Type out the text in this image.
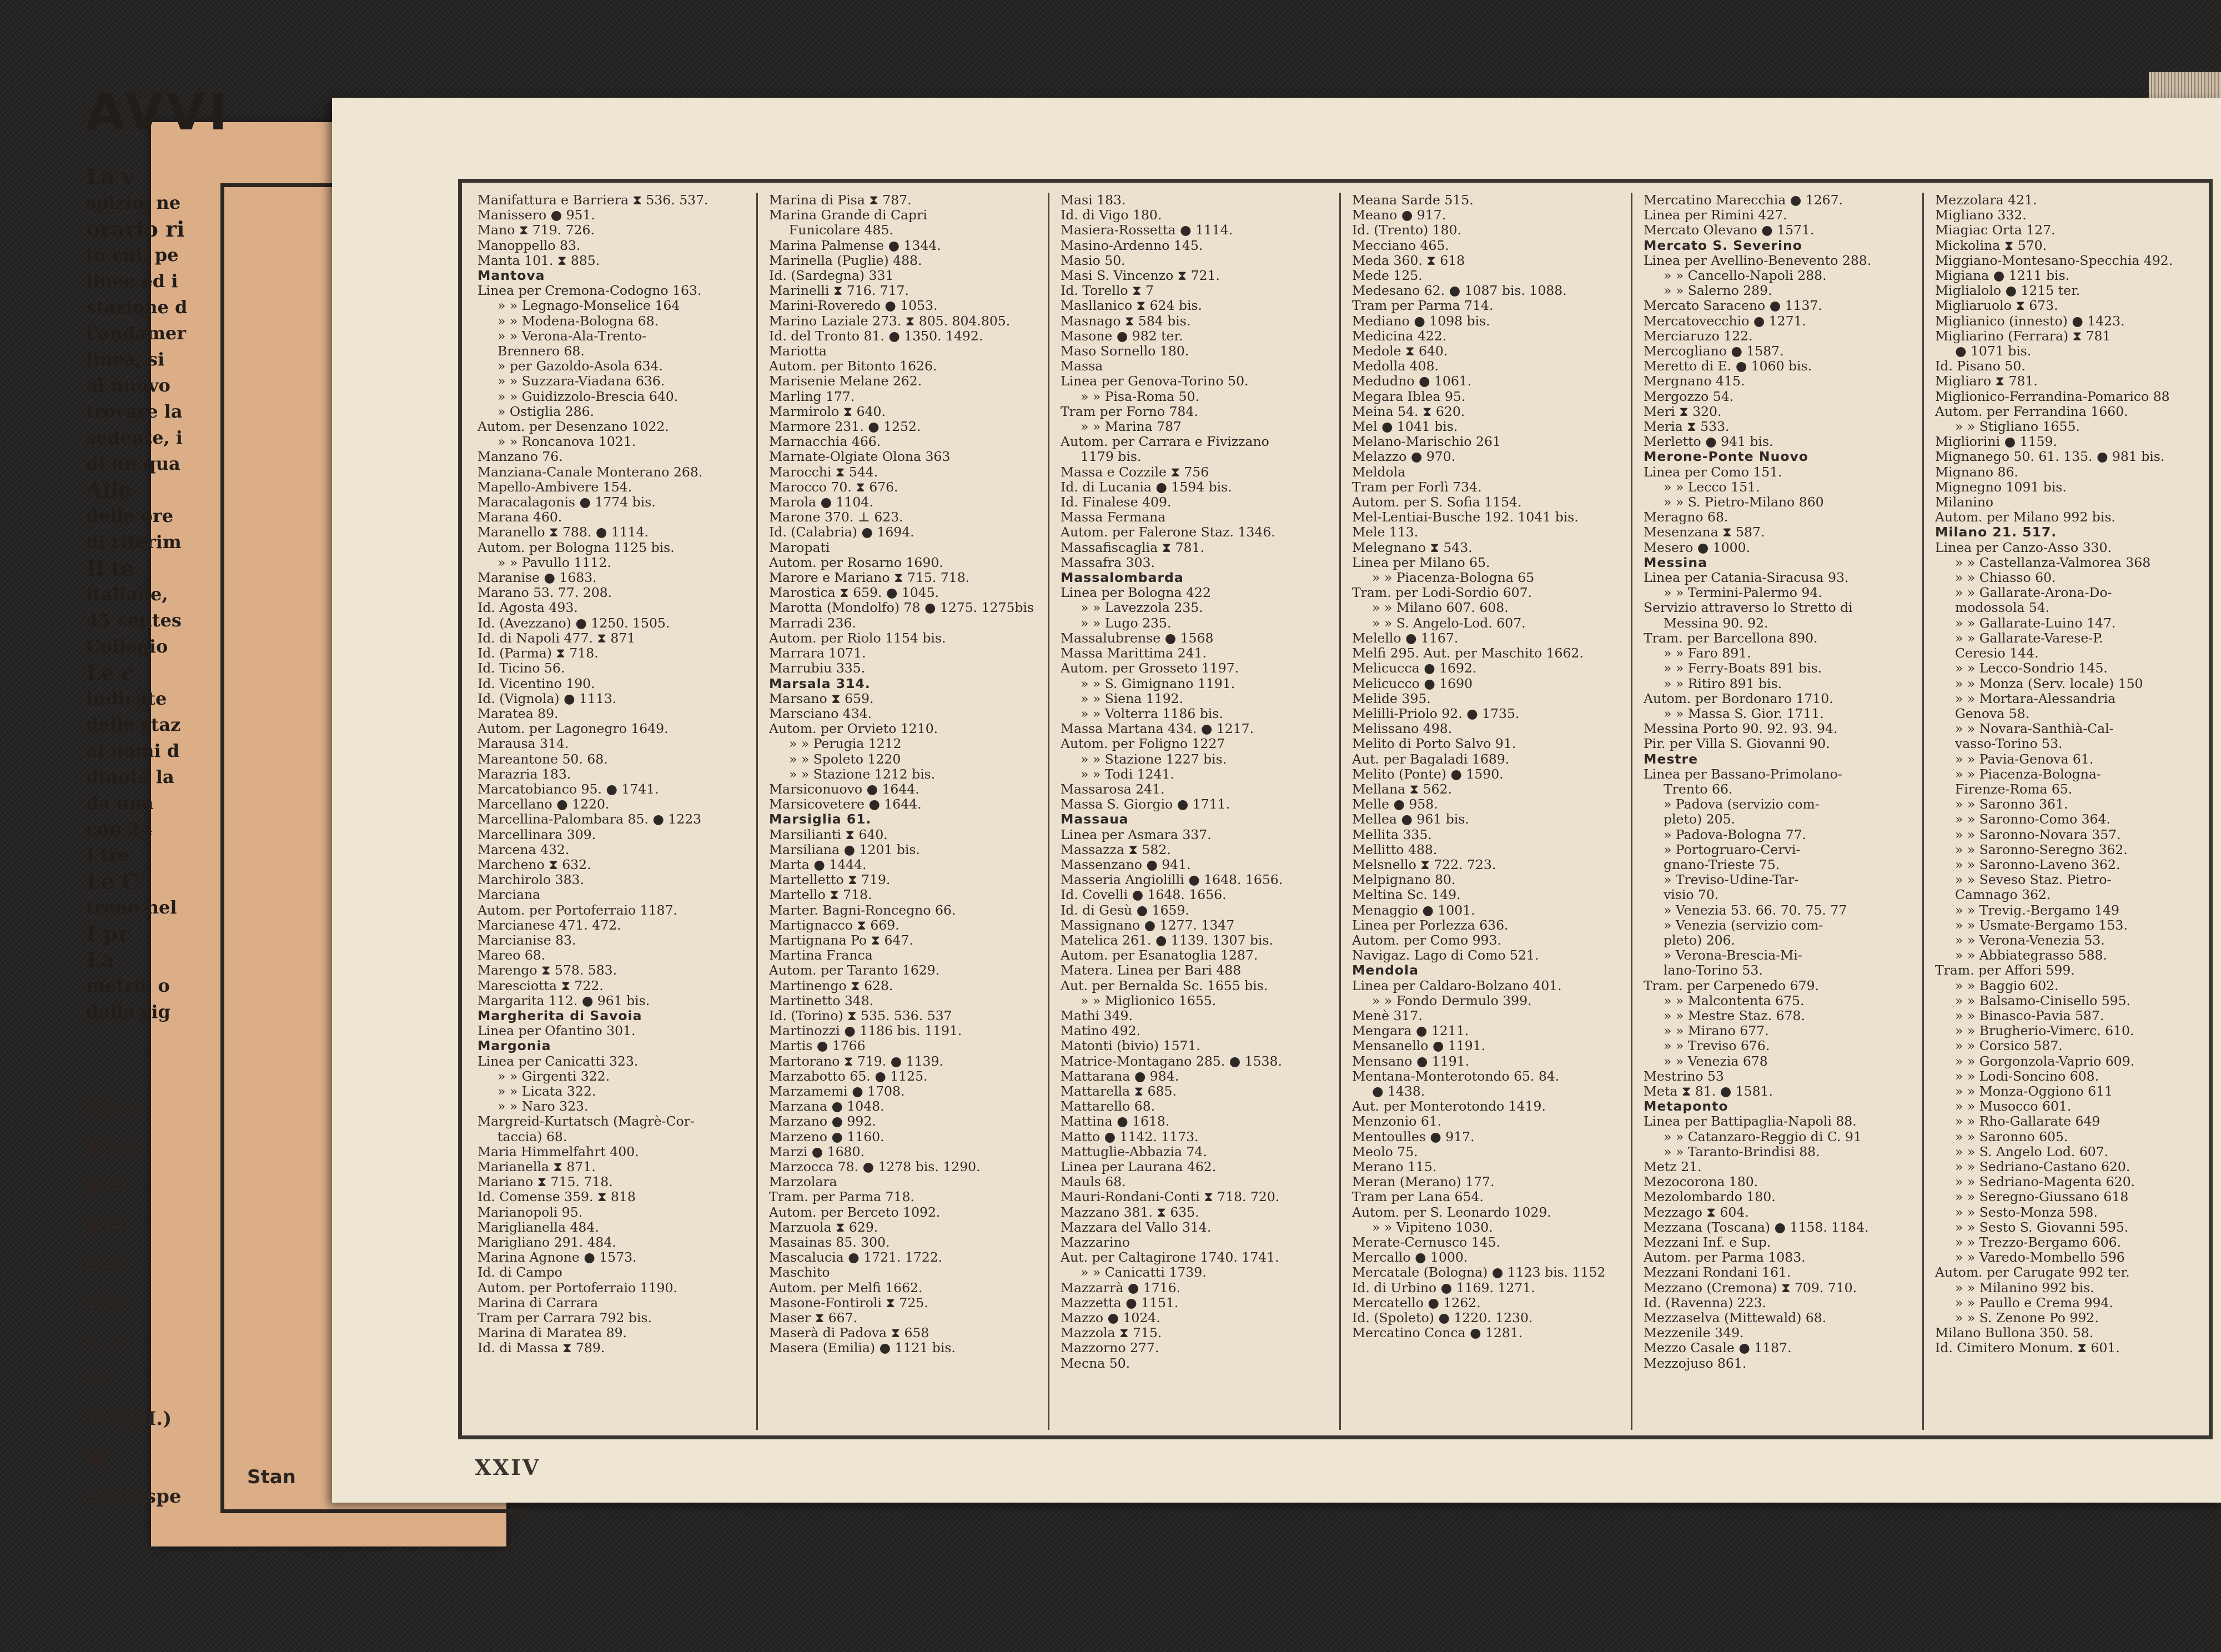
AVVI
La v
spizio, ne
orario ri
in cui, pe
linee ed i
stazione d
l'andamer
linea, si
al nuovo
trovare la
sedente, i
di un qua
Alle
delle ore
di riferim
Il te
italiane,
45 centes
Collegio
Le c
indicate
delle staz
ai nomi d
dinota la
da una
con 24
I tre
Le C
treno nel
I pr
La
metro, o
dalla sig
Per o
▮ 1 r
▮ d
▮ d
▮ d
Sta
┐ ╒
✖
✖ (T.H.)
●
nei rispe
Stan
Manifattura e Barriera ⧗ 536. 537.
Manissero ● 951.
Mano ⧗ 719. 726.
Manoppello 83.
Manta 101. ⧗ 885.
Mantova
Linea per Cremona-Codogno 163.
» » Legnago-Monselice 164
» » Modena-Bologna 68.
» » Verona-Ala-Trento-
Brennero 68.
» per Gazoldo-Asola 634.
» » Suzzara-Viadana 636.
» » Guidizzolo-Brescia 640.
» Ostiglia 286.
Autom. per Desenzano 1022.
» » Roncanova 1021.
Manzano 76.
Manziana-Canale Monterano 268.
Mapello-Ambivere 154.
Maracalagonis ● 1774 bis.
Marana 460.
Maranello ⧗ 788. ● 1114.
Autom. per Bologna 1125 bis.
» » Pavullo 1112.
Maranise ● 1683.
Marano 53. 77. 208.
Id. Agosta 493.
Id. (Avezzano) ● 1250. 1505.
Id. di Napoli 477. ⧗ 871
Id. (Parma) ⧗ 718.
Id. Ticino 56.
Id. Vicentino 190.
Id. (Vignola) ● 1113.
Maratea 89.
Autom. per Lagonegro 1649.
Marausa 314.
Mareantone 50. 68.
Marazria 183.
Marcatobianco 95. ● 1741.
Marcellano ● 1220.
Marcellina-Palombara 85. ● 1223
Marcellinara 309.
Marcena 432.
Marcheno ⧗ 632.
Marchirolo 383.
Marciana
Autom. per Portoferraio 1187.
Marcianese 471. 472.
Marcianise 83.
Mareo 68.
Marengo ⧗ 578. 583.
Maresciotta ⧗ 722.
Margarita 112. ● 961 bis.
Margherita di Savoia
Linea per Ofantino 301.
Margonia
Linea per Canicatti 323.
» » Girgenti 322.
» » Licata 322.
» » Naro 323.
Margreid-Kurtatsch (Magrè-Cor-
taccia) 68.
Maria Himmelfahrt 400.
Marianella ⧗ 871.
Mariano ⧗ 715. 718.
Id. Comense 359. ⧗ 818
Marianopoli 95.
Mariglianella 484.
Marigliano 291. 484.
Marina Agnone ● 1573.
Id. di Campo
Autom. per Portoferraio 1190.
Marina di Carrara
Tram per Carrara 792 bis.
Marina di Maratea 89.
Id. di Massa ⧗ 789.
Marina di Pisa ⧗ 787.
Marina Grande di Capri
Funicolare 485.
Marina Palmense ● 1344.
Marinella (Puglie) 488.
Id. (Sardegna) 331
Marinelli ⧗ 716. 717.
Marini-Roveredo ● 1053.
Marino Laziale 273. ⧗ 805. 804.805.
Id. del Tronto 81. ● 1350. 1492.
Mariotta
Autom. per Bitonto 1626.
Marisenie Melane 262.
Marling 177.
Marmirolo ⧗ 640.
Marmore 231. ● 1252.
Marnacchia 466.
Marnate-Olgiate Olona 363
Marocchi ⧗ 544.
Marocco 70. ⧗ 676.
Marola ● 1104.
Marone 370. ⊥ 623.
Id. (Calabria) ● 1694.
Maropati
Autom. per Rosarno 1690.
Marore e Mariano ⧗ 715. 718.
Marostica ⧗ 659. ● 1045.
Marotta (Mondolfo) 78 ● 1275. 1275bis
Marradi 236.
Autom. per Riolo 1154 bis.
Marrara 1071.
Marrubiu 335.
Marsala 314.
Marsano ⧗ 659.
Marsciano 434.
Autom. per Orvieto 1210.
» » Perugia 1212
» » Spoleto 1220
» » Stazione 1212 bis.
Marsiconuovo ● 1644.
Marsicovetere ● 1644.
Marsiglia 61.
Marsilianti ⧗ 640.
Marsiliana ● 1201 bis.
Marta ● 1444.
Martelletto ⧗ 719.
Martello ⧗ 718.
Marter. Bagni-Roncegno 66.
Martignacco ⧗ 669.
Martignana Po ⧗ 647.
Martina Franca
Autom. per Taranto 1629.
Martinengo ⧗ 628.
Martinetto 348.
Id. (Torino) ⧗ 535. 536. 537
Martinozzi ● 1186 bis. 1191.
Martis ● 1766
Martorano ⧗ 719. ● 1139.
Marzabotto 65. ● 1125.
Marzamemi ● 1708.
Marzana ● 1048.
Marzano ● 992.
Marzeno ● 1160.
Marzi ● 1680.
Marzocca 78. ● 1278 bis. 1290.
Marzolara
Tram. per Parma 718.
Autom. per Berceto 1092.
Marzuola ⧗ 629.
Masainas 85. 300.
Mascalucia ● 1721. 1722.
Maschito
Autom. per Melfi 1662.
Masone-Fontiroli ⧗ 725.
Maser ⧗ 667.
Maserà di Padova ⧗ 658
Masera (Emilia) ● 1121 bis.
Masi 183.
Id. di Vigo 180.
Masiera-Rossetta ● 1114.
Masino-Ardenno 145.
Masio 50.
Masi S. Vincenzo ⧗ 721.
Id. Torello ⧗ 7
Masllanico ⧗ 624 bis.
Masnago ⧗ 584 bis.
Masone ● 982 ter.
Maso Sornello 180.
Massa
Linea per Genova-Torino 50.
» » Pisa-Roma 50.
Tram per Forno 784.
» » Marina 787
Autom. per Carrara e Fivizzano
1179 bis.
Massa e Cozzile ⧗ 756
Id. di Lucania ● 1594 bis.
Id. Finalese 409.
Massa Fermana
Autom. per Falerone Staz. 1346.
Massafiscaglia ⧗ 781.
Massafra 303.
Massalombarda
Linea per Bologna 422
» » Lavezzola 235.
» » Lugo 235.
Massalubrense ● 1568
Massa Marittima 241.
Autom. per Grosseto 1197.
» » S. Gimignano 1191.
» » Siena 1192.
» » Volterra 1186 bis.
Massa Martana 434. ● 1217.
Autom. per Foligno 1227
» » Stazione 1227 bis.
» » Todi 1241.
Massarosa 241.
Massa S. Giorgio ● 1711.
Massaua
Linea per Asmara 337.
Massazza ⧗ 582.
Massenzano ● 941.
Masseria Angiolilli ● 1648. 1656.
Id. Covelli ● 1648. 1656.
Id. di Gesù ● 1659.
Massignano ● 1277. 1347
Matelica 261. ● 1139. 1307 bis.
Autom. per Esanatoglia 1287.
Matera. Linea per Bari 488
Aut. per Bernalda Sc. 1655 bis.
» » Miglionico 1655.
Mathi 349.
Matino 492.
Matonti (bivio) 1571.
Matrice-Montagano 285. ● 1538.
Mattarana ● 984.
Mattarella ⧗ 685.
Mattarello 68.
Mattina ● 1618.
Matto ● 1142. 1173.
Mattuglie-Abbazia 74.
Linea per Laurana 462.
Mauls 68.
Mauri-Rondani-Conti ⧗ 718. 720.
Mazzano 381. ⧗ 635.
Mazzara del Vallo 314.
Mazzarino
Aut. per Caltagirone 1740. 1741.
» » Canicatti 1739.
Mazzarrà ● 1716.
Mazzetta ● 1151.
Mazzo ● 1024.
Mazzola ⧗ 715.
Mazzorno 277.
Mecna 50.
Meana Sarde 515.
Meano ● 917.
Id. (Trento) 180.
Mecciano 465.
Meda 360. ⧗ 618
Mede 125.
Medesano 62. ● 1087 bis. 1088.
Tram per Parma 714.
Mediano ● 1098 bis.
Medicina 422.
Medole ⧗ 640.
Medolla 408.
Medudno ● 1061.
Megara Iblea 95.
Meina 54. ⧗ 620.
Mel ● 1041 bis.
Melano-Marischio 261
Melazzo ● 970.
Meldola
Tram per Forlì 734.
Autom. per S. Sofia 1154.
Mel-Lentiai-Busche 192. 1041 bis.
Mele 113.
Melegnano ⧗ 543.
Linea per Milano 65.
» » Piacenza-Bologna 65
Tram. per Lodi-Sordio 607.
» » Milano 607. 608.
» » S. Angelo-Lod. 607.
Melello ● 1167.
Melfi 295. Aut. per Maschito 1662.
Melicucca ● 1692.
Melicucco ● 1690
Melide 395.
Melilli-Priolo 92. ● 1735.
Melissano 498.
Melito di Porto Salvo 91.
Aut. per Bagaladi 1689.
Melito (Ponte) ● 1590.
Mellana ⧗ 562.
Melle ● 958.
Mellea ● 961 bis.
Mellita 335.
Mellitto 488.
Melsnello ⧗ 722. 723.
Melpignano 80.
Meltina Sc. 149.
Menaggio ● 1001.
Linea per Porlezza 636.
Autom. per Como 993.
Navigaz. Lago di Como 521.
Mendola
Linea per Caldaro-Bolzano 401.
» » Fondo Dermulo 399.
Menè 317.
Mengara ● 1211.
Mensanello ● 1191.
Mensano ● 1191.
Mentana-Monterotondo 65. 84.
● 1438.
Aut. per Monterotondo 1419.
Menzonio 61.
Mentoulles ● 917.
Meolo 75.
Merano 115.
Meran (Merano) 177.
Tram per Lana 654.
Autom. per S. Leonardo 1029.
» » Vipiteno 1030.
Merate-Cernusco 145.
Mercallo ● 1000.
Mercatale (Bologna) ● 1123 bis. 1152
Id. di Urbino ● 1169. 1271.
Mercatello ● 1262.
Id. (Spoleto) ● 1220. 1230.
Mercatino Conca ● 1281.
Mercatino Marecchia ● 1267.
Linea per Rimini 427.
Mercato Olevano ● 1571.
Mercato S. Severino
Linea per Avellino-Benevento 288.
» » Cancello-Napoli 288.
» » Salerno 289.
Mercato Saraceno ● 1137.
Mercatovecchio ● 1271.
Merciaruzo 122.
Mercogliano ● 1587.
Meretto di E. ● 1060 bis.
Mergnano 415.
Mergozzo 54.
Meri ⧗ 320.
Meria ⧗ 533.
Merletto ● 941 bis.
Merone-Ponte Nuovo
Linea per Como 151.
» » Lecco 151.
» » S. Pietro-Milano 860
Meragno 68.
Mesenzana ⧗ 587.
Mesero ● 1000.
Messina
Linea per Catania-Siracusa 93.
» » Termini-Palermo 94.
Servizio attraverso lo Stretto di
Messina 90. 92.
Tram. per Barcellona 890.
» » Faro 891.
» » Ferry-Boats 891 bis.
» » Ritiro 891 bis.
Autom. per Bordonaro 1710.
» » Massa S. Gior. 1711.
Messina Porto 90. 92. 93. 94.
Pir. per Villa S. Giovanni 90.
Mestre
Linea per Bassano-Primolano-
Trento 66.
» Padova (servizio com-
pleto) 205.
» Padova-Bologna 77.
» Portogruaro-Cervi-
gnano-Trieste 75.
» Treviso-Udine-Tar-
visio 70.
» Venezia 53. 66. 70. 75. 77
» Venezia (servizio com-
pleto) 206.
» Verona-Brescia-Mi-
lano-Torino 53.
Tram. per Carpenedo 679.
» » Malcontenta 675.
» » Mestre Staz. 678.
» » Mirano 677.
» » Treviso 676.
» » Venezia 678
Mestrino 53
Meta ⧗ 81. ● 1581.
Metaponto
Linea per Battipaglia-Napoli 88.
» » Catanzaro-Reggio di C. 91
» » Taranto-Brindisi 88.
Metz 21.
Mezocorona 180.
Mezolombardo 180.
Mezzago ⧗ 604.
Mezzana (Toscana) ● 1158. 1184.
Mezzani Inf. e Sup.
Autom. per Parma 1083.
Mezzani Rondani 161.
Mezzano (Cremona) ⧗ 709. 710.
Id. (Ravenna) 223.
Mezzaselva (Mittewald) 68.
Mezzenile 349.
Mezzo Casale ● 1187.
Mezzojuso 861.
Mezzolara 421.
Migliano 332.
Miagiac Orta 127.
Mickolina ⧗ 570.
Miggiano-Montesano-Specchia 492.
Migiana ● 1211 bis.
Miglialolo ● 1215 ter.
Migliaruolo ⧗ 673.
Miglianico (innesto) ● 1423.
Migliarino (Ferrara) ⧗ 781
● 1071 bis.
Id. Pisano 50.
Migliaro ⧗ 781.
Miglionico-Ferrandina-Pomarico 88
Autom. per Ferrandina 1660.
» » Stigliano 1655.
Migliorini ● 1159.
Mignanego 50. 61. 135. ● 981 bis.
Mignano 86.
Mignegno 1091 bis.
Milanino
Autom. per Milano 992 bis.
Milano 21. 517.
Linea per Canzo-Asso 330.
» » Castellanza-Valmorea 368
» » Chiasso 60.
» » Gallarate-Arona-Do-
modossola 54.
» » Gallarate-Luino 147.
» » Gallarate-Varese-P.
Ceresio 144.
» » Lecco-Sondrio 145.
» » Monza (Serv. locale) 150
» » Mortara-Alessandria
Genova 58.
» » Novara-Santhià-Cal-
vasso-Torino 53.
» » Pavia-Genova 61.
» » Piacenza-Bologna-
Firenze-Roma 65.
» » Saronno 361.
» » Saronno-Como 364.
» » Saronno-Novara 357.
» » Saronno-Seregno 362.
» » Saronno-Laveno 362.
» » Seveso Staz. Pietro-
Camnago 362.
» » Trevig.-Bergamo 149
» » Usmate-Bergamo 153.
» » Verona-Venezia 53.
» » Abbiategrasso 588.
Tram. per Affori 599.
» » Baggio 602.
» » Balsamo-Cinisello 595.
» » Binasco-Pavia 587.
» » Brugherio-Vimerc. 610.
» » Corsico 587.
» » Gorgonzola-Vaprio 609.
» » Lodi-Soncino 608.
» » Monza-Oggiono 611
» » Musocco 601.
» » Rho-Gallarate 649
» » Saronno 605.
» » S. Angelo Lod. 607.
» » Sedriano-Castano 620.
» » Sedriano-Magenta 620.
» » Seregno-Giussano 618
» » Sesto-Monza 598.
» » Sesto S. Giovanni 595.
» » Trezzo-Bergamo 606.
» » Varedo-Mombello 596
Autom. per Carugate 992 ter.
» » Milanino 992 bis.
» » Paullo e Crema 994.
» » S. Zenone Po 992.
Milano Bullona 350. 58.
Id. Cimitero Monum. ⧗ 601.
XXIV
